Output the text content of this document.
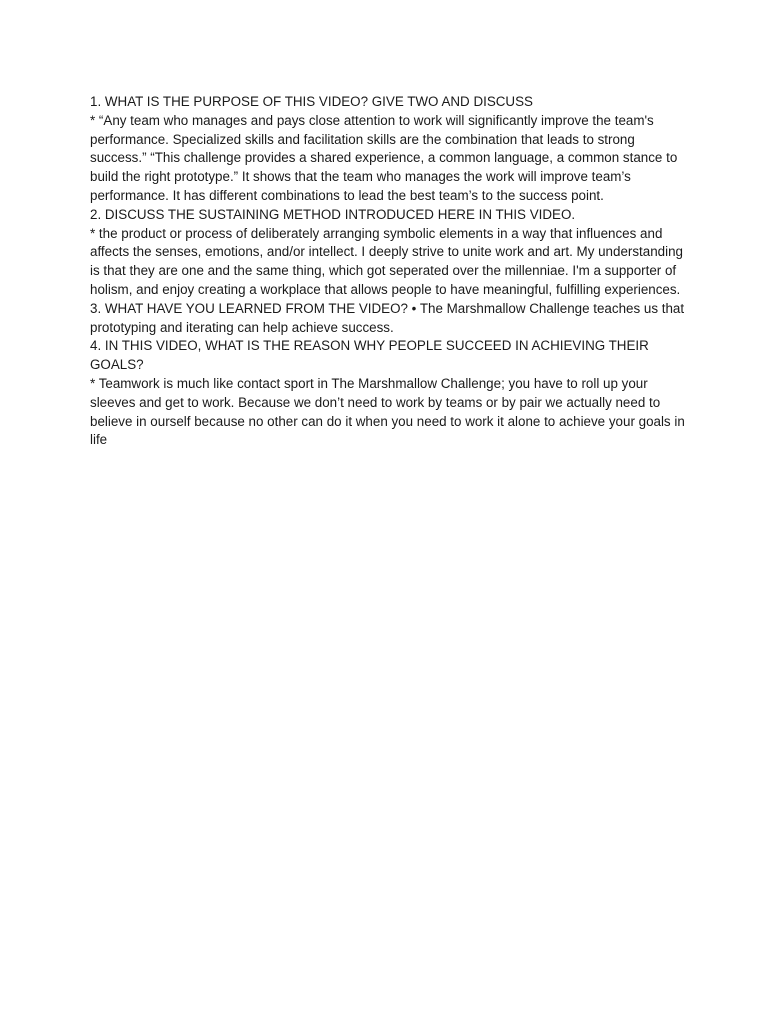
1. WHAT IS THE PURPOSE OF THIS VIDEO? GIVE TWO AND DISCUSS

* “Any team who manages and pays close attention to work will significantly improve the team's performance. Specialized skills and facilitation skills are the combination that leads to strong success.” “This challenge provides a shared experience, a common language, a common stance to build the right prototype.” It shows that the team who manages the work will improve team’s performance. It has different combinations to lead the best team’s to the success point.

2. DISCUSS THE SUSTAINING METHOD INTRODUCED HERE IN THIS VIDEO.

* the product or process of deliberately arranging symbolic elements in a way that influences and affects the senses, emotions, and/or intellect. I deeply strive to unite work and art. My understanding is that they are one and the same thing, which got seperated over the millenniae. I'm a supporter of holism, and enjoy creating a workplace that allows people to have meaningful, fulfilling experiences.

3. WHAT HAVE YOU LEARNED FROM THE VIDEO? • The Marshmallow Challenge teaches us that prototyping and iterating can help achieve success.

4. IN THIS VIDEO, WHAT IS THE REASON WHY PEOPLE SUCCEED IN ACHIEVING THEIR GOALS?

* Teamwork is much like contact sport in The Marshmallow Challenge; you have to roll up your sleeves and get to work. Because we don’t need to work by teams or by pair we actually need to believe in ourself because no other can do it when you need to work it alone to achieve your goals in life
